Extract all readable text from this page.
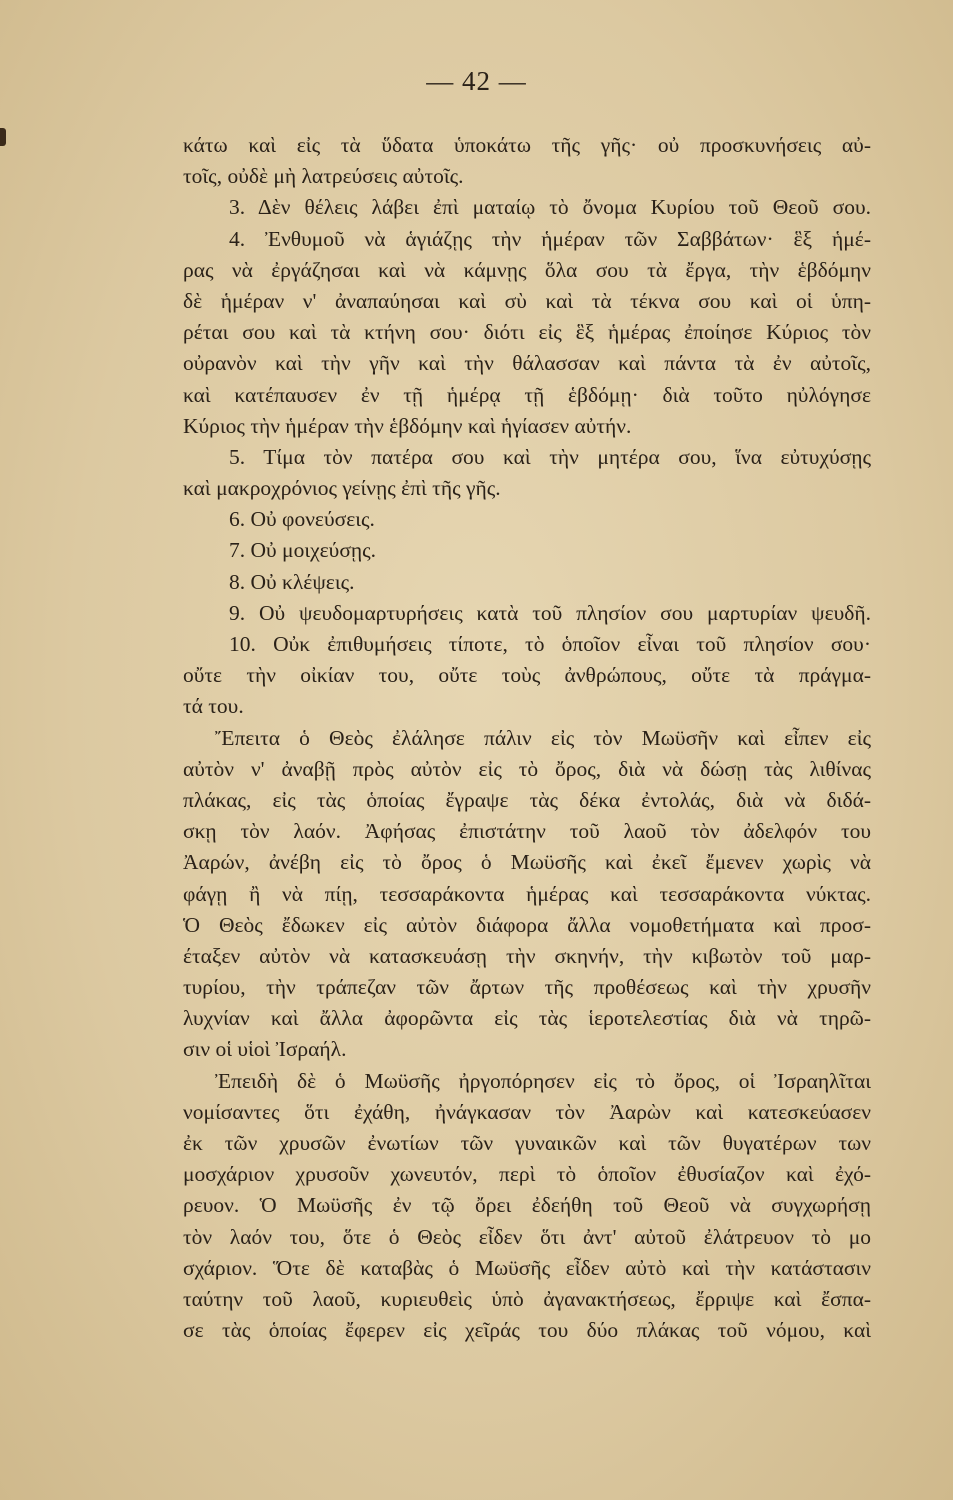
— 42 —
κάτω καὶ εἰς τὰ ὕδατα ὑποκάτω τῆς γῆς· οὐ προσκυνήσεις αὐ-
τοῖς, οὐδὲ μὴ λατρεύσεις αὐτοῖς.
3. Δὲν θέλεις λάβει ἐπὶ ματαίῳ τὸ ὄνομα Κυρίου τοῦ Θεοῦ σου.
4. Ἐνθυμοῦ νὰ ἁγιάζῃς τὴν ἡμέραν τῶν Σαββάτων· ἓξ ἡμέ-
ρας νὰ ἐργάζησαι καὶ νὰ κάμνῃς ὅλα σου τὰ ἔργα, τὴν ἑβδόμην
δὲ ἡμέραν ν' ἀναπαύησαι καὶ σὺ καὶ τὰ τέκνα σου καὶ οἱ ὑπη-
ρέται σου καὶ τὰ κτήνη σου· διότι εἰς ἓξ ἡμέρας ἐποίησε Κύριος τὸν
οὐρανὸν καὶ τὴν γῆν καὶ τὴν θάλασσαν καὶ πάντα τὰ ἐν αὐτοῖς,
καὶ κατέπαυσεν ἐν τῇ ἡμέρᾳ τῇ ἑβδόμῃ· διὰ τοῦτο ηὐλόγησε
Κύριος τὴν ἡμέραν τὴν ἑβδόμην καὶ ἡγίασεν αὐτήν.
5. Τίμα τὸν πατέρα σου καὶ τὴν μητέρα σου, ἵνα εὐτυχύσῃς
καὶ μακροχρόνιος γείνῃς ἐπὶ τῆς γῆς.
6. Οὐ φονεύσεις.
7. Οὐ μοιχεύσῃς.
8. Οὐ κλέψεις.
9. Οὐ ψευδομαρτυρήσεις κατὰ τοῦ πλησίον σου μαρτυρίαν ψευδῆ.
10. Οὐκ ἐπιθυμήσεις τίποτε, τὸ ὁποῖον εἶναι τοῦ πλησίον σου·
οὔτε τὴν οἰκίαν του, οὔτε τοὺς ἀνθρώπους, οὔτε τὰ πράγμα-
τά του.
Ἔπειτα ὁ Θεὸς ἐλάλησε πάλιν εἰς τὸν Μωϋσῆν καὶ εἶπεν εἰς
αὐτὸν ν' ἀναβῇ πρὸς αὐτὸν εἰς τὸ ὄρος, διὰ νὰ δώσῃ τὰς λιθίνας
πλάκας, εἰς τὰς ὁποίας ἔγραψε τὰς δέκα ἐντολάς, διὰ νὰ διδά-
σκῃ τὸν λαόν. Ἀφήσας ἐπιστάτην τοῦ λαοῦ τὸν ἀδελφόν του
Ἀαρών, ἀνέβη εἰς τὸ ὄρος ὁ Μωϋσῆς καὶ ἐκεῖ ἔμενεν χωρὶς νὰ
φάγῃ ἢ νὰ πίῃ, τεσσαράκοντα ἡμέρας καὶ τεσσαράκοντα νύκτας.
Ὁ Θεὸς ἔδωκεν εἰς αὐτὸν διάφορα ἄλλα νομοθετήματα καὶ προσ-
έταξεν αὐτὸν νὰ κατασκευάσῃ τὴν σκηνήν, τὴν κιβωτὸν τοῦ μαρ-
τυρίου, τὴν τράπεζαν τῶν ἄρτων τῆς προθέσεως καὶ τὴν χρυσῆν
λυχνίαν καὶ ἄλλα ἀφορῶντα εἰς τὰς ἱεροτελεστίας διὰ νὰ τηρῶ-
σιν οἱ υἱοὶ Ἰσραήλ.
Ἐπειδὴ δὲ ὁ Μωϋσῆς ἠργοπόρησεν εἰς τὸ ὄρος, οἱ Ἰσραηλῖται
νομίσαντες ὅτι ἐχάθη, ἠνάγκασαν τὸν Ἀαρὼν καὶ κατεσκεύασεν
ἐκ τῶν χρυσῶν ἐνωτίων τῶν γυναικῶν καὶ τῶν θυγατέρων των
μοσχάριον χρυσοῦν χωνευτόν, περὶ τὸ ὁποῖον ἐθυσίαζον καὶ ἐχό-
ρευον. Ὁ Μωϋσῆς ἐν τῷ ὄρει ἐδεήθη τοῦ Θεοῦ νὰ συγχωρήσῃ
τὸν λαόν του, ὅτε ὁ Θεὸς εἶδεν ὅτι ἀντ' αὐτοῦ ἐλάτρευον τὸ μο
σχάριον. Ὅτε δὲ καταβὰς ὁ Μωϋσῆς εἶδεν αὐτὸ καὶ τὴν κατάστασιν
ταύτην τοῦ λαοῦ, κυριευθεὶς ὑπὸ ἀγανακτήσεως, ἔρριψε καὶ ἔσπα-
σε τὰς ὁποίας ἔφερεν εἰς χεῖράς του δύο πλάκας τοῦ νόμου, καὶ
